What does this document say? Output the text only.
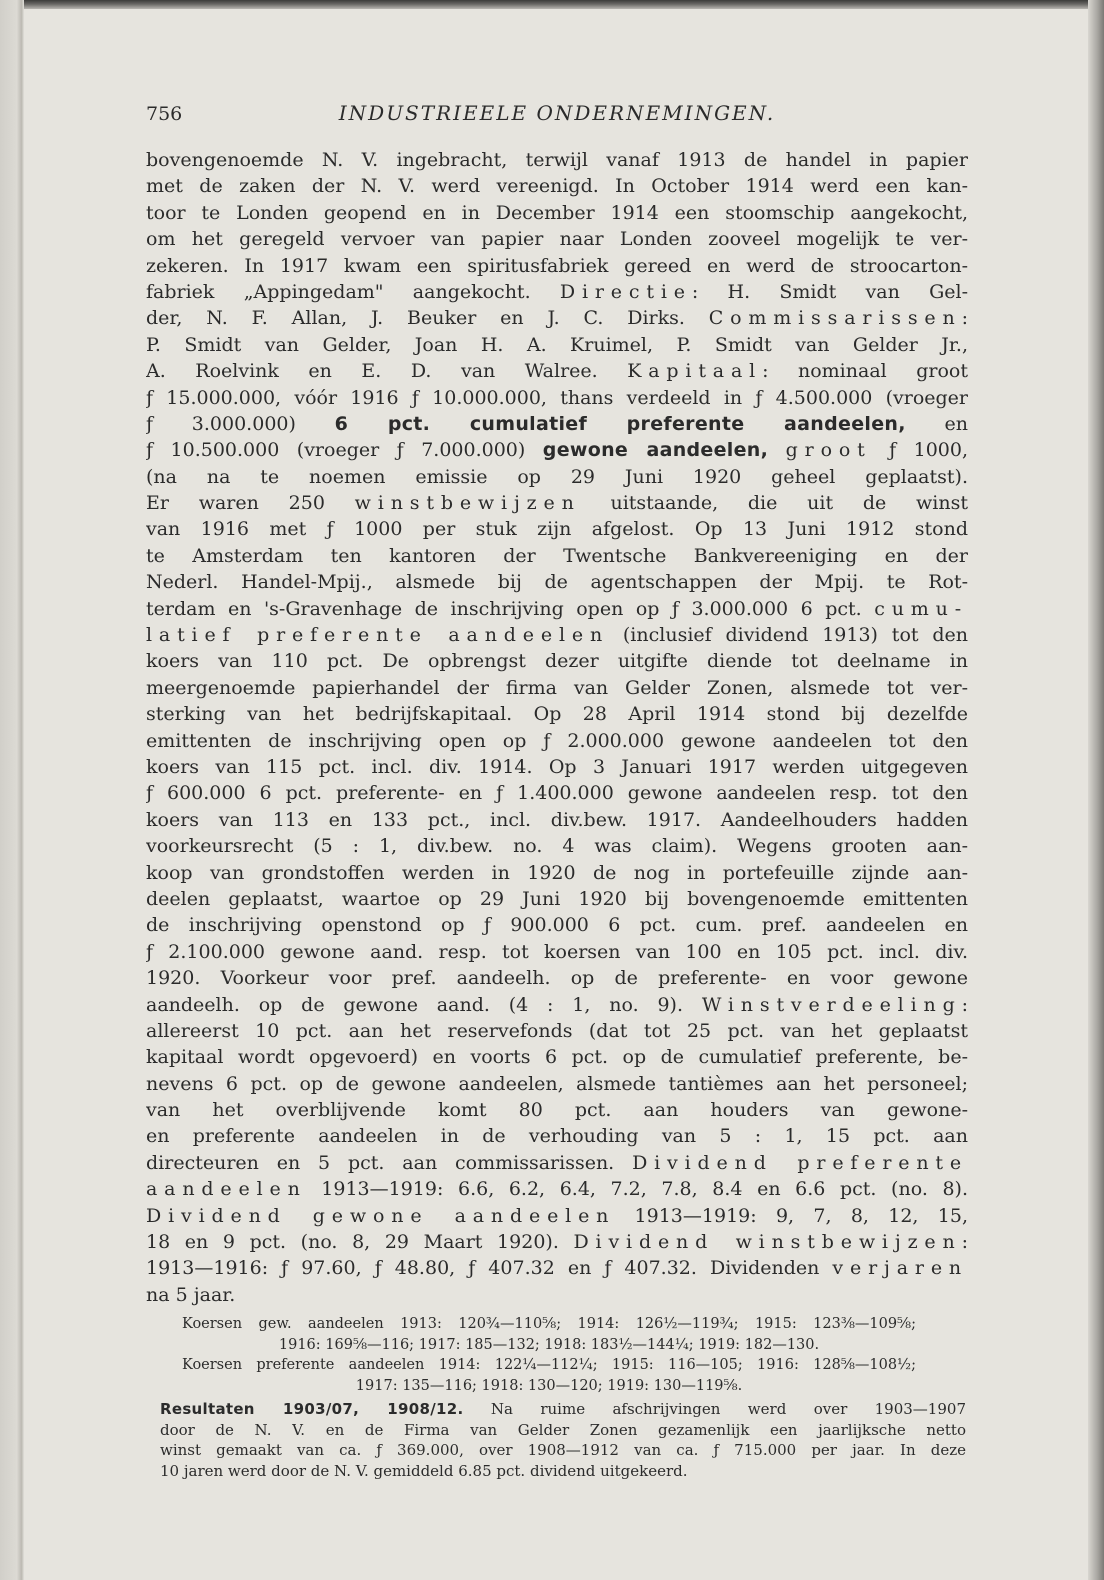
756	INDUSTRIEELE ONDERNEMINGEN.
bovengenoemde N. V. ingebracht, terwijl vanaf 1913 de handel in papier
met de zaken der N. V. werd vereenigd. In October 1914 werd een kan-
toor te Londen geopend en in December 1914 een stoomschip aangekocht,
om het geregeld vervoer van papier naar Londen zooveel mogelijk te ver-
zekeren. In 1917 kwam een spiritusfabriek gereed en werd de stroocarton-
fabriek „Appingedam" aangekocht. Directie: H. Smidt van Gel-
der, N. F. Allan, J. Beuker en J. C. Dirks. Commissarissen:
P. Smidt van Gelder, Joan H. A. Kruimel, P. Smidt van Gelder Jr.,
A. Roelvink en E. D. van Walree. Kapitaal: nominaal groot
ƒ 15.000.000, vóór 1916 ƒ 10.000.000, thans verdeeld in ƒ 4.500.000 (vroeger
ƒ 3.000.000) 6 pct. cumulatief preferente aandeelen, en
ƒ 10.500.000 (vroeger ƒ 7.000.000) gewone aandeelen, groot ƒ 1000,
(na na te noemen emissie op 29 Juni 1920 geheel geplaatst).
Er waren 250 winstbewijzen uitstaande, die uit de winst
van 1916 met ƒ 1000 per stuk zijn afgelost. Op 13 Juni 1912 stond
te Amsterdam ten kantoren der Twentsche Bankvereeniging en der
Nederl. Handel-Mpij., alsmede bij de agentschappen der Mpij. te Rot-
terdam en 's-Gravenhage de inschrijving open op ƒ 3.000.000 6 pct. cumu-
latief preferente aandeelen (inclusief dividend 1913) tot den
koers van 110 pct. De opbrengst dezer uitgifte diende tot deelname in
meergenoemde papierhandel der firma van Gelder Zonen, alsmede tot ver-
sterking van het bedrijfskapitaal. Op 28 April 1914 stond bij dezelfde
emittenten de inschrijving open op ƒ 2.000.000 gewone aandeelen tot den
koers van 115 pct. incl. div. 1914. Op 3 Januari 1917 werden uitgegeven
ƒ 600.000 6 pct. preferente- en ƒ 1.400.000 gewone aandeelen resp. tot den
koers van 113 en 133 pct., incl. div.bew. 1917. Aandeelhouders hadden
voorkeursrecht (5 : 1, div.bew. no. 4 was claim). Wegens grooten aan-
koop van grondstoffen werden in 1920 de nog in portefeuille zijnde aan-
deelen geplaatst, waartoe op 29 Juni 1920 bij bovengenoemde emittenten
de inschrijving openstond op ƒ 900.000 6 pct. cum. pref. aandeelen en
ƒ 2.100.000 gewone aand. resp. tot koersen van 100 en 105 pct. incl. div.
1920. Voorkeur voor pref. aandeelh. op de preferente- en voor gewone
aandeelh. op de gewone aand. (4 : 1, no. 9). Winstverdeeling:
allereerst 10 pct. aan het reservefonds (dat tot 25 pct. van het geplaatst
kapitaal wordt opgevoerd) en voorts 6 pct. op de cumulatief preferente, be-
nevens 6 pct. op de gewone aandeelen, alsmede tantièmes aan het personeel;
van het overblijvende komt 80 pct. aan houders van gewone-
en preferente aandeelen in de verhouding van 5 : 1, 15 pct. aan
directeuren en 5 pct. aan commissarissen. Dividend preferente
aandeelen 1913—1919: 6.6, 6.2, 6.4, 7.2, 7.8, 8.4 en 6.6 pct. (no. 8).
Dividend gewone aandeelen 1913—1919: 9, 7, 8, 12, 15,
18 en 9 pct. (no. 8, 29 Maart 1920). Dividend winstbewijzen:
1913—1916: ƒ 97.60, ƒ 48.80, ƒ 407.32 en ƒ 407.32. Dividenden verjaren
na 5 jaar.
Koersen gew. aandeelen 1913: 120¾—110⅝; 1914: 126½—119¾; 1915: 123⅜—109⅝;
1916: 169⅝—116; 1917: 185—132; 1918: 183½—144¼; 1919: 182—130.
Koersen preferente aandeelen 1914: 122¼—112¼; 1915: 116—105; 1916: 128⅝—108½;
1917: 135—116; 1918: 130—120; 1919: 130—119⅝.
Resultaten 1903/07, 1908/12. Na ruime afschrijvingen werd over 1903—1907
door de N. V. en de Firma van Gelder Zonen gezamenlijk een jaarlijksche netto
winst gemaakt van ca. ƒ 369.000, over 1908—1912 van ca. ƒ 715.000 per jaar. In deze
10 jaren werd door de N. V. gemiddeld 6.85 pct. dividend uitgekeerd.
